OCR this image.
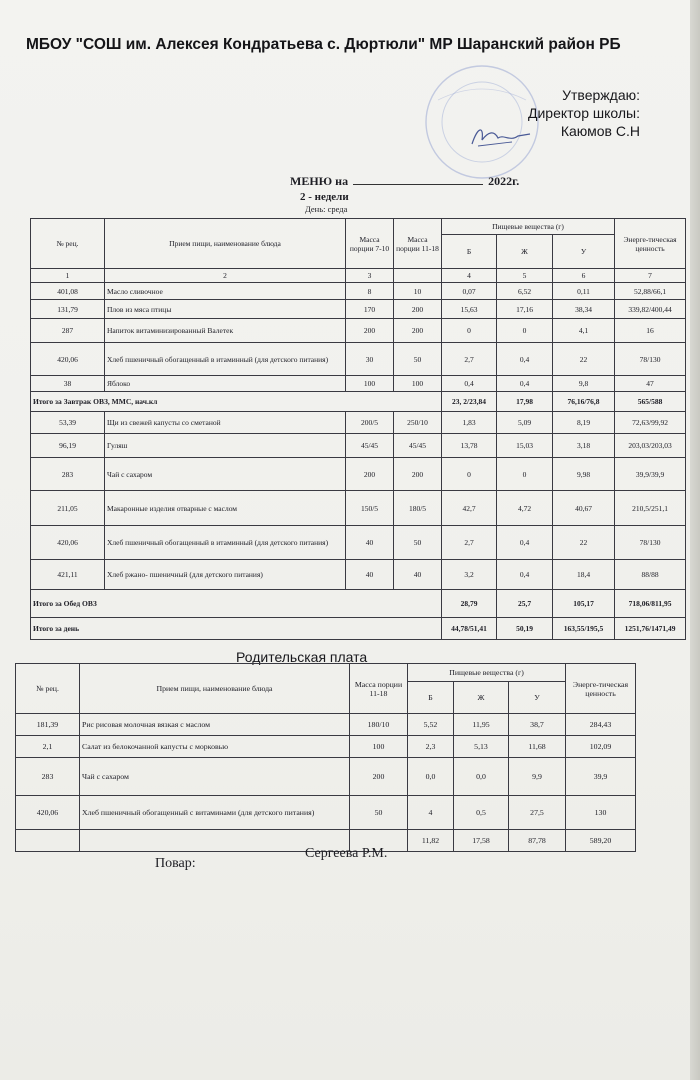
МБОУ "СОШ им. Алексея Кондратьева с. Дюртюли" МР Шаранский район РБ
Утверждаю:
Директор школы:
Каюмов С.Н
МЕНЮ на	2022г.
2 - недели
День: среда
№ рец.	Прием пищи, наименование блюда	Масса порции 7-10	Масса порции 11-18	Пищевые вещества (г)			Энерге-тическая ценность
				Б	Ж	У	
1	2	3		4	5	6	7
401,08	Масло сливочное	8	10	0,07	6,52	0,11	52,88/66,1
131,79	Плов из мяса птицы	170	200	15,63	17,16	38,34	339,82/400,44
287	Напиток витаминизированный Валетек	200	200	0	0	4,1	16
420,06	Хлеб пшеничный обогащенный в итаминный (для детского питания)	30	50	2,7	0,4	22	78/130
38	Яблоко	100	100	0,4	0,4	9,8	47
Итого за Завтрак ОВЗ, ММС, нач.кл				23, 2/23,84	17,98	76,16/76,8	565/588
53,39	Щи из свежей капусты со сметаной	200/5	250/10	1,83	5,09	8,19	72,63/99,92
96,19	Гуляш	45/45	45/45	13,78	15,03	3,18	203,03/203,03
283	Чай с сахаром	200	200	0	0	9,98	39,9/39,9
211,05	Макаронные изделия отварные с маслом	150/5	180/5	42,7	4,72	40,67	210,5/251,1
420,06	Хлеб пшеничный обогащенный в итаминный (для детского питания)	40	50	2,7	0,4	22	78/130
421,11	Хлеб ржано- пшеничный (для детского питания)	40	40	3,2	0,4	18,4	88/88
Итого за Обед ОВЗ				28,79	25,7	105,17	718,06/811,95
Итого за день				44,78/51,41	50,19	163,55/195,5	1251,76/1471,49
Родительская плата
№ рец.	Прием пищи, наименование блюда	Масса порции 11-18	Пищевые вещества (г)			Энерге-тическая ценность
			Б	Ж	У	
181,39	Рис рисовая молочная вязкая с маслом	180/10	5,52	11,95	38,7	284,43
2,1	Салат из белокочанной капусты с морковью	100	2,3	5,13	11,68	102,09
283	Чай с сахаром	200	0,0	0,0	9,9	39,9
420,06	Хлеб пшеничный обогащенный с витаминами (для детского питания)	50	4	0,5	27,5	130
			11,82	17,58	87,78	589,20
Повар:
Сергеева Р.М.
